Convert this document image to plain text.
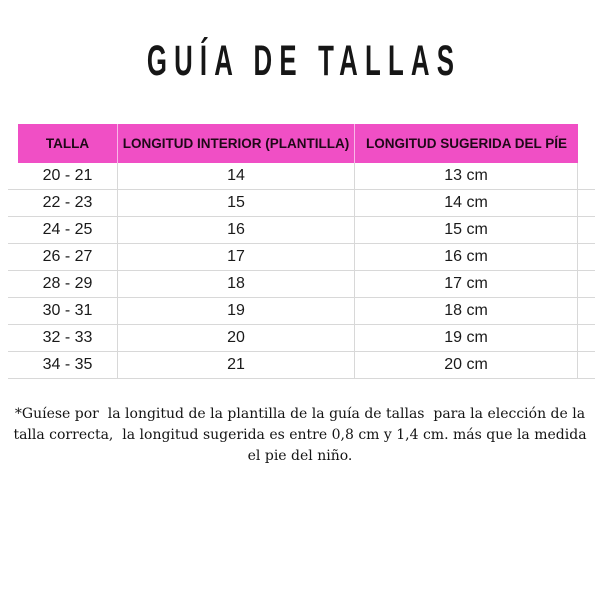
GUÍA DE TALLAS
TALLA	LONGITUD INTERIOR (PLANTILLA)	LONGITUD SUGERIDA DEL PÍE
20 - 21	14	13 cm
22 - 23	15	14 cm
24 - 25	16	15 cm
26 - 27	17	16 cm
28 - 29	18	17 cm
30 - 31	19	18 cm
32 - 33	20	19 cm
34 - 35	21	20 cm
*Guíese por  la longitud de la plantilla de la guía de tallas  para la elección de la
talla correcta,  la longitud sugerida es entre 0,8 cm y 1,4 cm. más que la medida
el pie del niño.
